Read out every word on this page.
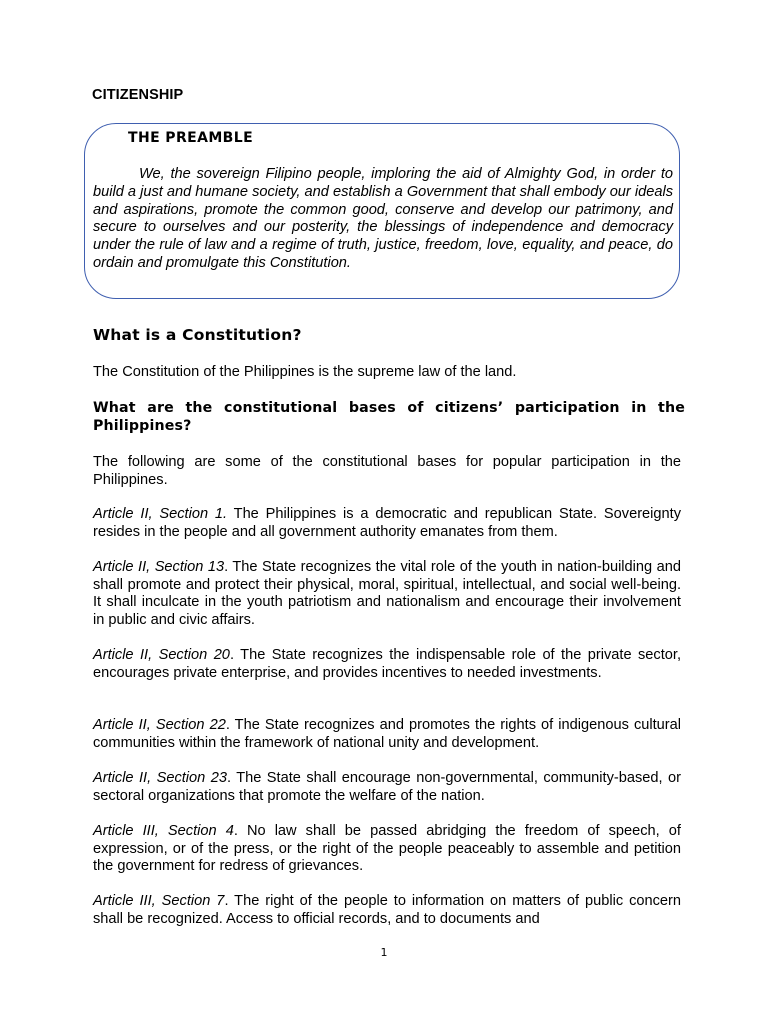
CITIZENSHIP
THE PREAMBLE

We, the sovereign Filipino people, imploring the aid of Almighty God, in order to build a just and humane society, and establish a Government that shall embody our ideals and aspirations, promote the common good, conserve and develop our patrimony, and secure to ourselves and our posterity, the blessings of independence and democracy under the rule of law and a regime of truth, justice, freedom, love, equality, and peace, do ordain and promulgate this Constitution.

What is a Constitution?

The Constitution of the Philippines is the supreme law of the land.

What are the constitutional bases of citizens’ participation in the Philippines?

The following are some of the constitutional bases for popular participation in the Philippines.

Article II, Section 1. The Philippines is a democratic and republican State. Sovereignty resides in the people and all government authority emanates from them.

Article II, Section 13. The State recognizes the vital role of the youth in nation-building and shall promote and protect their physical, moral, spiritual, intellectual, and social well-being. It shall inculcate in the youth patriotism and nationalism and encourage their involvement in public and civic affairs.

Article II, Section 20. The State recognizes the indispensable role of the private sector, encourages private enterprise, and provides incentives to needed investments.

Article II, Section 22. The State recognizes and promotes the rights of indigenous cultural communities within the framework of national unity and development.

Article II, Section 23. The State shall encourage non-governmental, community-based, or sectoral organizations that promote the welfare of the nation.

Article III, Section 4. No law shall be passed abridging the freedom of speech, of expression, or of the press, or the right of the people peaceably to assemble and petition the government for redress of grievances.

Article III, Section 7. The right of the people to information on matters of public concern shall be recognized. Access to official records, and to documents and

1
